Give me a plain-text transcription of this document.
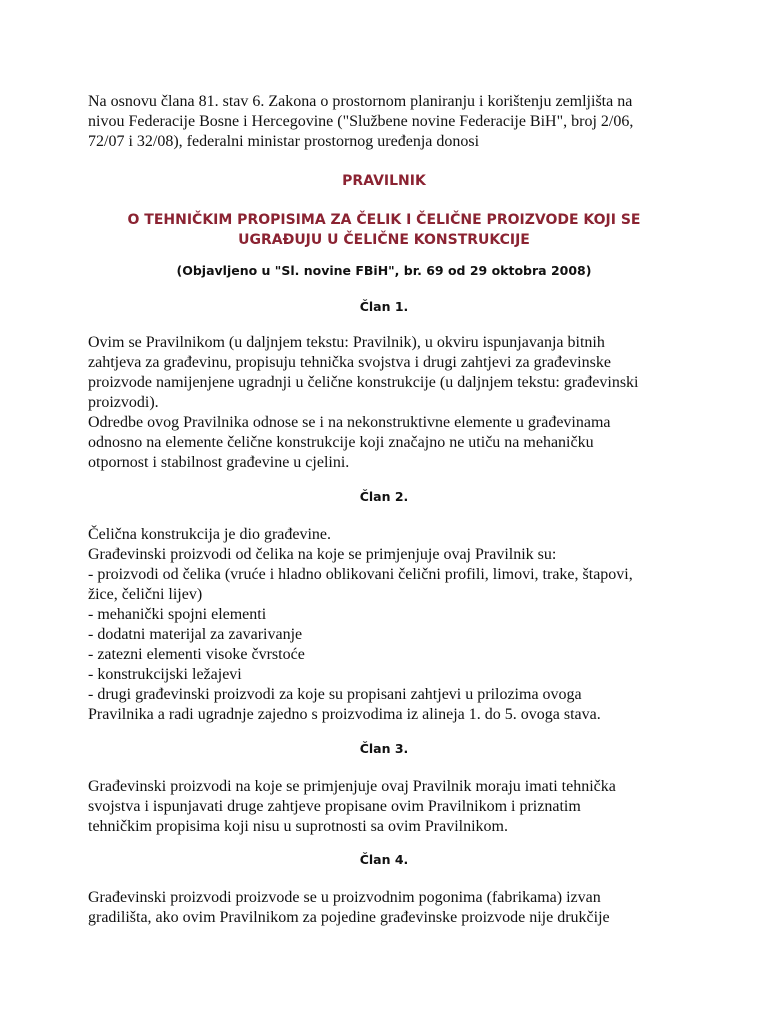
Na osnovu člana 81. stav 6. Zakona o prostornom planiranju i korištenju zemljišta na
nivou Federacije Bosne i Hercegovine ("Službene novine Federacije BiH", broj 2/06,
72/07 i 32/08), federalni ministar prostornog uređenja donosi
PRAVILNIK
O TEHNIČKIM PROPISIMA ZA ČELIK I ČELIČNE PROIZVODE KOJI SE
UGRAĐUJU U ČELIČNE KONSTRUKCIJE
(Objavljeno u "Sl. novine FBiH", br. 69 od 29 oktobra 2008)
Član 1.
Ovim se Pravilnikom (u daljnjem tekstu: Pravilnik), u okviru ispunjavanja bitnih
zahtjeva za građevinu, propisuju tehnička svojstva i drugi zahtjevi za građevinske
proizvode namijenjene ugradnji u čelične konstrukcije (u daljnjem tekstu: građevinski
proizvodi).
Odredbe ovog Pravilnika odnose se i na nekonstruktivne elemente u građevinama
odnosno na elemente čelične konstrukcije koji značajno ne utiču na mehaničku
otpornost i stabilnost građevine u cjelini.
Član 2.
Čelična konstrukcija je dio građevine.
Građevinski proizvodi od čelika na koje se primjenjuje ovaj Pravilnik su:
- proizvodi od čelika (vruće i hladno oblikovani čelični profili, limovi, trake, štapovi,
žice, čelični lijev)
- mehanički spojni elementi
- dodatni materijal za zavarivanje
- zatezni elementi visoke čvrstoće
- konstrukcijski ležajevi
- drugi građevinski proizvodi za koje su propisani zahtjevi u prilozima ovoga
Pravilnika a radi ugradnje zajedno s proizvodima iz alineja 1. do 5. ovoga stava.
Član 3.
Građevinski proizvodi na koje se primjenjuje ovaj Pravilnik moraju imati tehnička
svojstva i ispunjavati druge zahtjeve propisane ovim Pravilnikom i priznatim
tehničkim propisima koji nisu u suprotnosti sa ovim Pravilnikom.
Član 4.
Građevinski proizvodi proizvode se u proizvodnim pogonima (fabrikama) izvan
gradilišta, ako ovim Pravilnikom za pojedine građevinske proizvode nije drukčije
